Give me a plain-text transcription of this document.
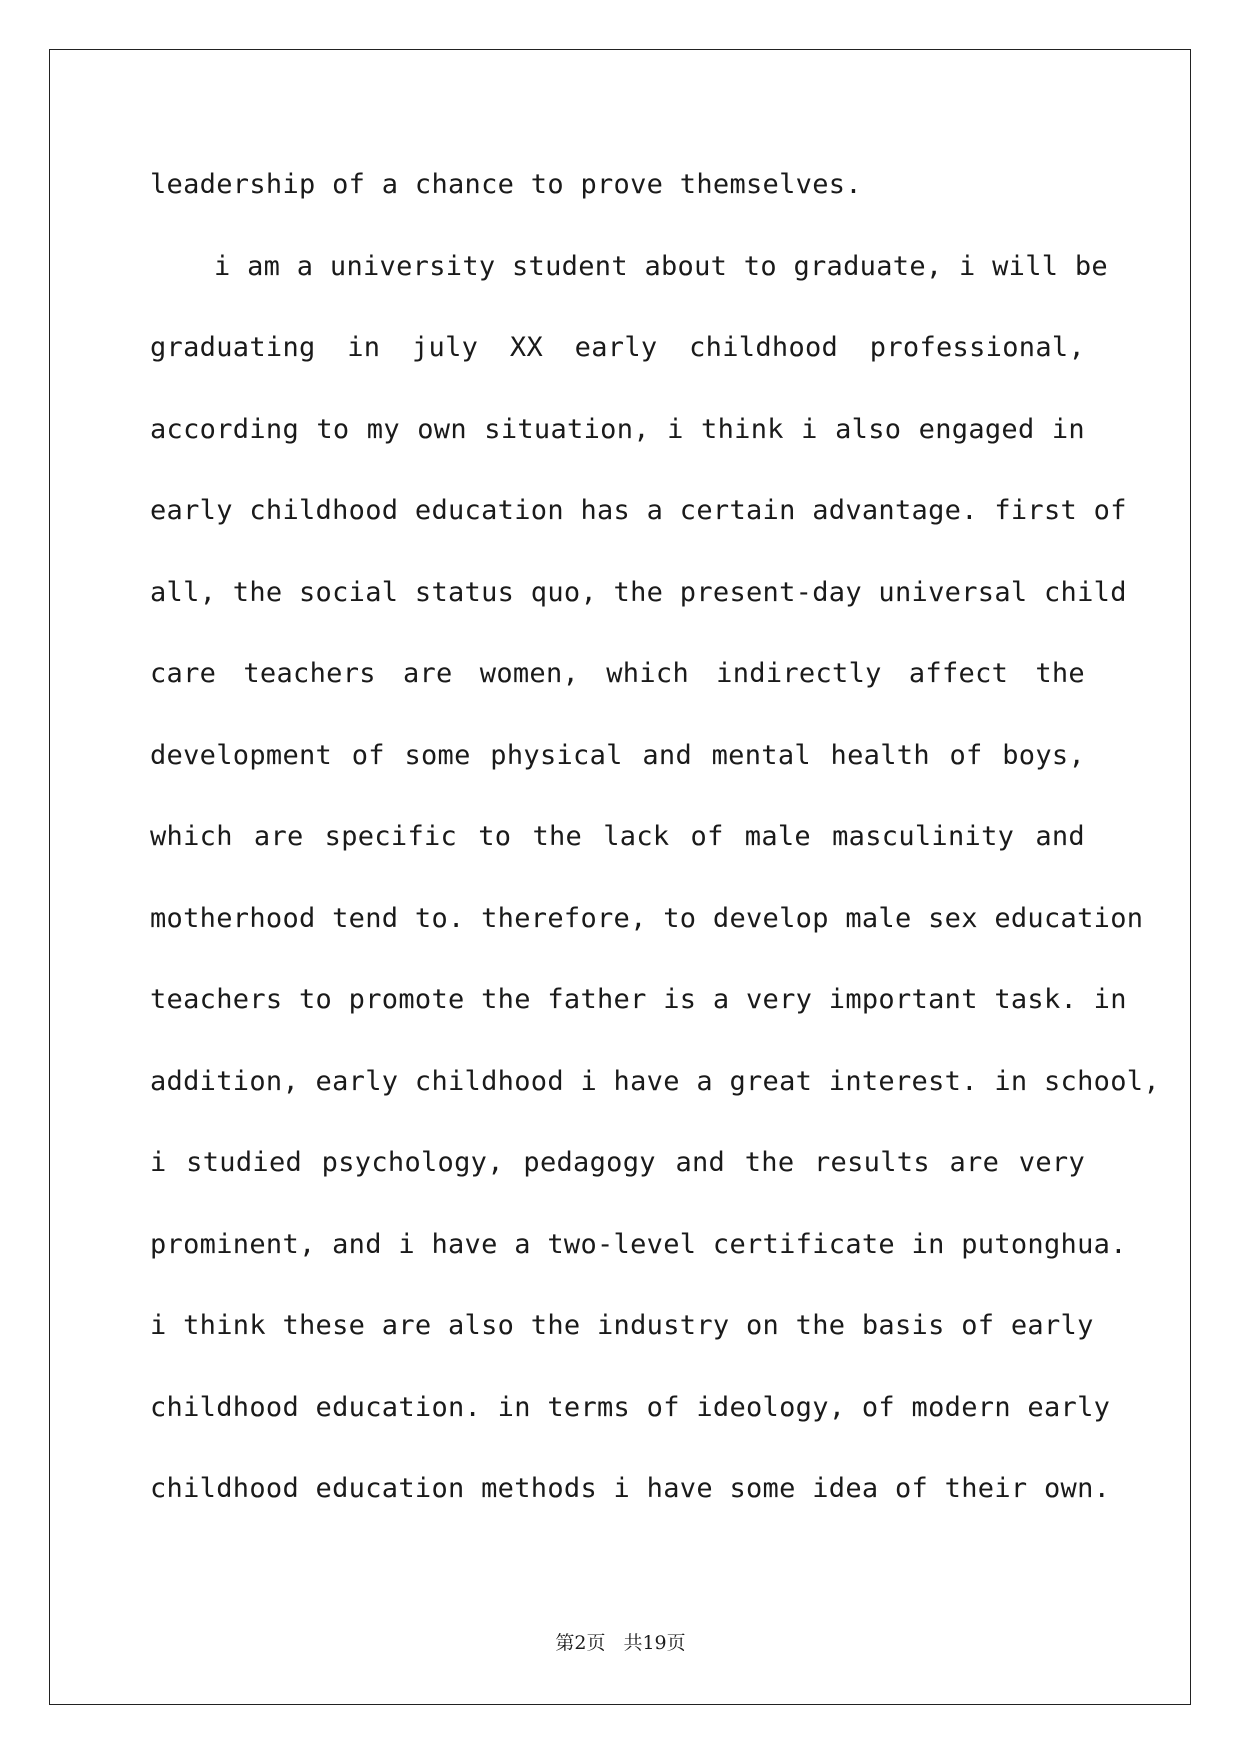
leadership of a chance to prove themselves.
i am a university student about to graduate, i will be
graduating in july XX early childhood professional,
according to my own situation, i think i also engaged in
early childhood education has a certain advantage. first of
all, the social status quo, the present-day universal child
care teachers are women, which indirectly affect the
development of some physical and mental health of boys,
which are specific to the lack of male masculinity and
motherhood tend to. therefore, to develop male sex education
teachers to promote the father is a very important task. in
addition, early childhood i have a great interest. in school,
i studied psychology, pedagogy and the results are very
prominent, and i have a two-level certificate in putonghua.
i think these are also the industry on the basis of early
childhood education. in terms of ideology, of modern early
childhood education methods i have some idea of their own.
第2页 共19页
